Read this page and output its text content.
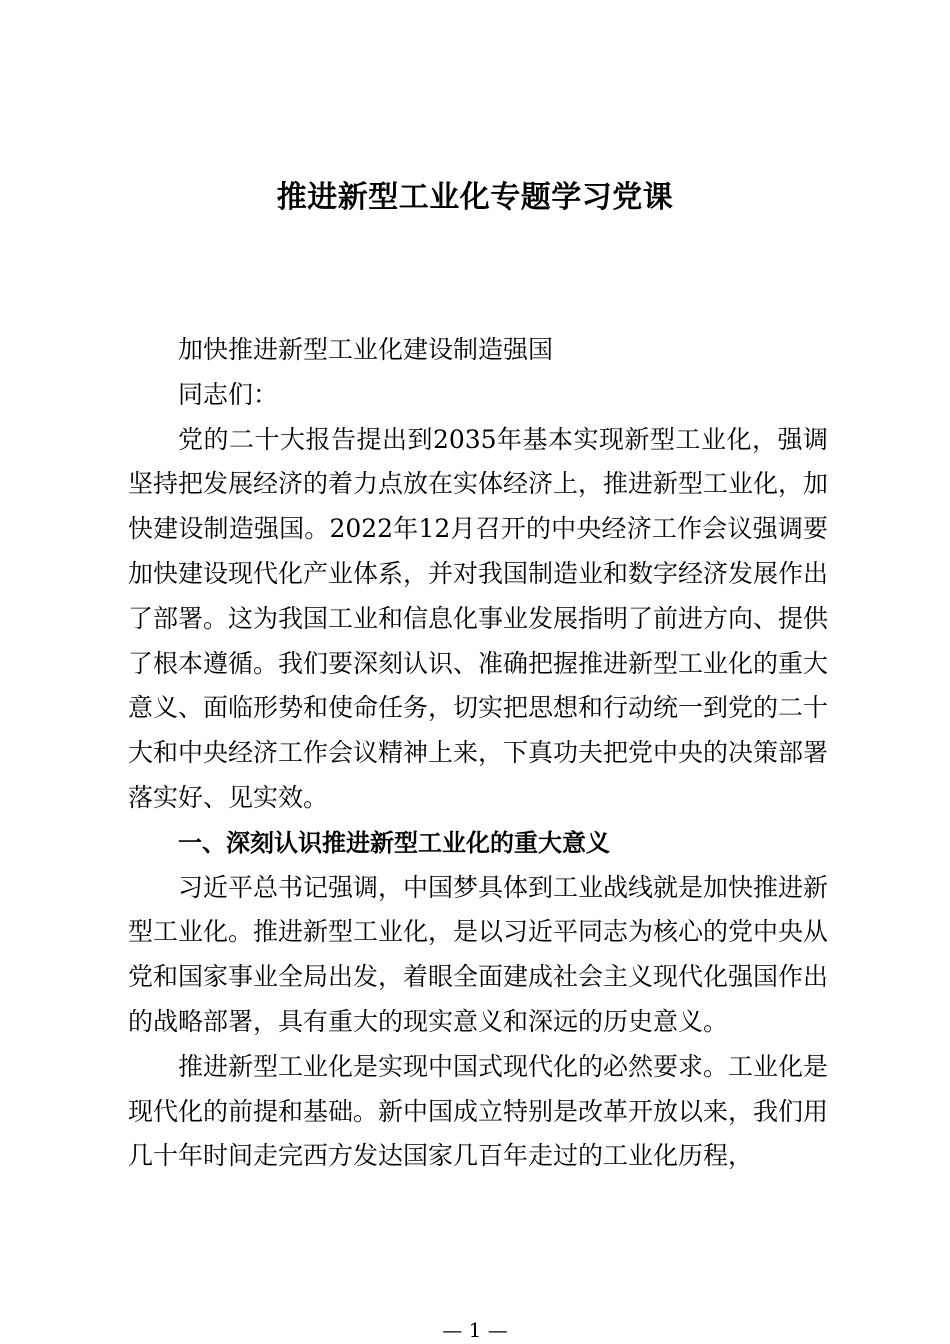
推进新型工业化专题学习党课

加快推进新型工业化建设制造强国

同志们：

党的二十大报告提出到2035年基本实现新型工业化，强调坚持把发展经济的着力点放在实体经济上，推进新型工业化，加快建设制造强国。2022年12月召开的中央经济工作会议强调要加快建设现代化产业体系，并对我国制造业和数字经济发展作出了部署。这为我国工业和信息化事业发展指明了前进方向、提供了根本遵循。我们要深刻认识、准确把握推进新型工业化的重大意义、面临形势和使命任务，切实把思想和行动统一到党的二十大和中央经济工作会议精神上来，下真功夫把党中央的决策部署落实好、见实效。

一、深刻认识推进新型工业化的重大意义

习近平总书记强调，中国梦具体到工业战线就是加快推进新型工业化。推进新型工业化，是以习近平同志为核心的党中央从党和国家事业全局出发，着眼全面建成社会主义现代化强国作出的战略部署，具有重大的现实意义和深远的历史意义。

推进新型工业化是实现中国式现代化的必然要求。工业化是现代化的前提和基础。新中国成立特别是改革开放以来，我们用几十年时间走完西方发达国家几百年走过的工业化历程，

— 1 —
